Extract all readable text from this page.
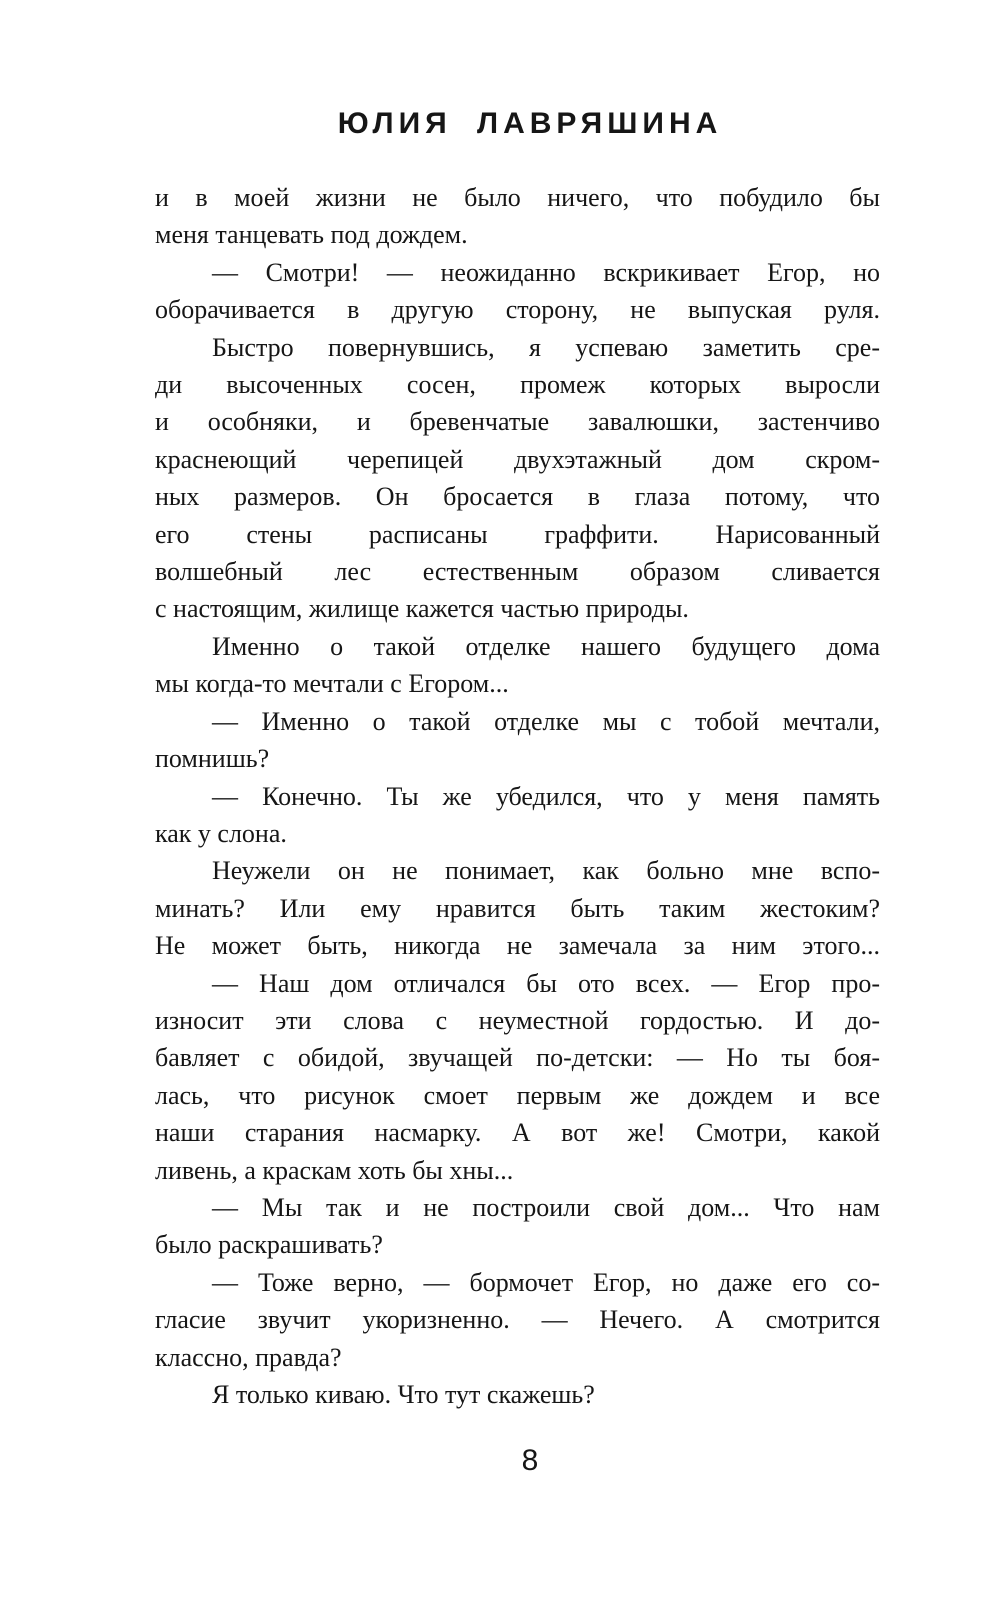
ЮЛИЯ ЛАВРЯШИНА
и в моей жизни не было ничего, что побудило бы
меня танцевать под дождем.
— Смотри! — неожиданно вскрикивает Егор, но
оборачивается в другую сторону, не выпуская руля.
Быстро повернувшись, я успеваю заметить сре-
ди высоченных сосен, промеж которых выросли
и особняки, и бревенчатые завалюшки, застенчиво
краснеющий черепицей двухэтажный дом скром-
ных размеров. Он бросается в глаза потому, что
его стены расписаны граффити. Нарисованный
волшебный лес естественным образом сливается
с настоящим, жилище кажется частью природы.
Именно о такой отделке нашего будущего дома
мы когда-то мечтали с Егором...
— Именно о такой отделке мы с тобой мечтали,
помнишь?
— Конечно. Ты же убедился, что у меня память
как у слона.
Неужели он не понимает, как больно мне вспо-
минать? Или ему нравится быть таким жестоким?
Не может быть, никогда не замечала за ним этого...
— Наш дом отличался бы ото всех. — Егор про-
износит эти слова с неуместной гордостью. И до-
бавляет с обидой, звучащей по-детски: — Но ты боя-
лась, что рисунок смоет первым же дождем и все
наши старания насмарку. А вот же! Смотри, какой
ливень, а краскам хоть бы хны...
— Мы так и не построили свой дом... Что нам
было раскрашивать?
— Тоже верно, — бормочет Егор, но даже его со-
гласие звучит укоризненно. — Нечего. А смотрится
классно, правда?
Я только киваю. Что тут скажешь?
8
